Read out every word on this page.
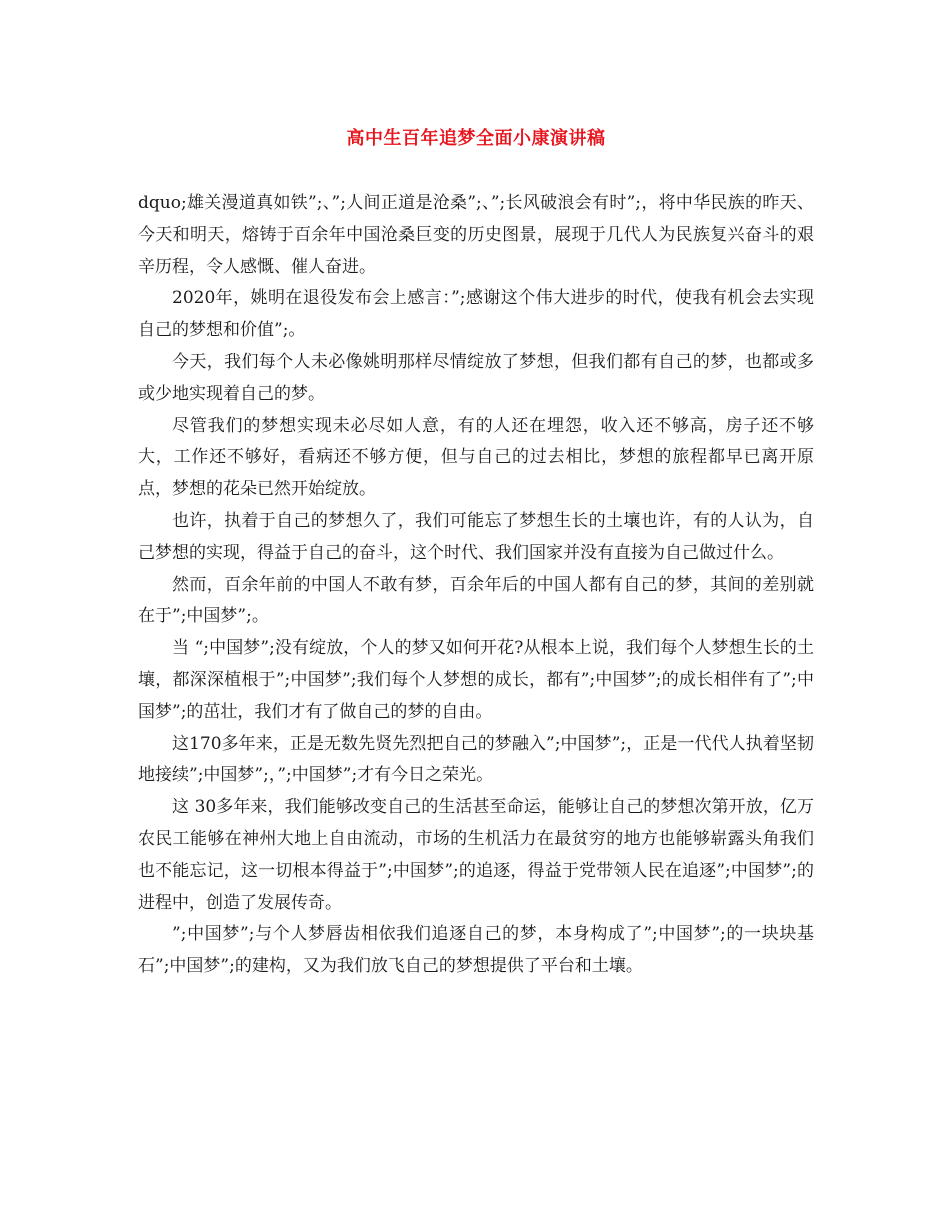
高中生百年追梦全面小康演讲稿

dquo;雄关漫道真如铁”;、”;人间正道是沧桑”;、”;长风破浪会有时”;，将中华民族的昨天、今天和明天，熔铸于百余年中国沧桑巨变的历史图景，展现于几代人为民族复兴奋斗的艰辛历程，令人感慨、催人奋进。

2020年，姚明在退役发布会上感言：”;感谢这个伟大进步的时代，使我有机会去实现自己的梦想和价值”;。

今天，我们每个人未必像姚明那样尽情绽放了梦想，但我们都有自己的梦，也都或多或少地实现着自己的梦。

尽管我们的梦想实现未必尽如人意，有的人还在埋怨，收入还不够高，房子还不够大，工作还不够好，看病还不够方便，但与自己的过去相比，梦想的旅程都早已离开原点，梦想的花朵已然开始绽放。

也许，执着于自己的梦想久了，我们可能忘了梦想生长的土壤也许，有的人认为，自己梦想的实现，得益于自己的奋斗，这个时代、我们国家并没有直接为自己做过什么。

然而，百余年前的中国人不敢有梦，百余年后的中国人都有自己的梦，其间的差别就在于”;中国梦”;。

当 “;中国梦”;没有绽放，个人的梦又如何开花?从根本上说，我们每个人梦想生长的土壤，都深深植根于”;中国梦”;我们每个人梦想的成长，都有”;中国梦”;的成长相伴有了”;中国梦”;的茁壮，我们才有了做自己的梦的自由。

这170多年来，正是无数先贤先烈把自己的梦融入”;中国梦”;，正是一代代人执着坚韧地接续”;中国梦”;，”;中国梦”;才有今日之荣光。

这 30多年来，我们能够改变自己的生活甚至命运，能够让自己的梦想次第开放，亿万农民工能够在神州大地上自由流动，市场的生机活力在最贫穷的地方也能够崭露头角我们也不能忘记，这一切根本得益于”;中国梦”;的追逐，得益于党带领人民在追逐”;中国梦”;的进程中，创造了发展传奇。

”;中国梦”;与个人梦唇齿相依我们追逐自己的梦，本身构成了”;中国梦”;的一块块基石”;中国梦”;的建构，又为我们放飞自己的梦想提供了平台和土壤。
